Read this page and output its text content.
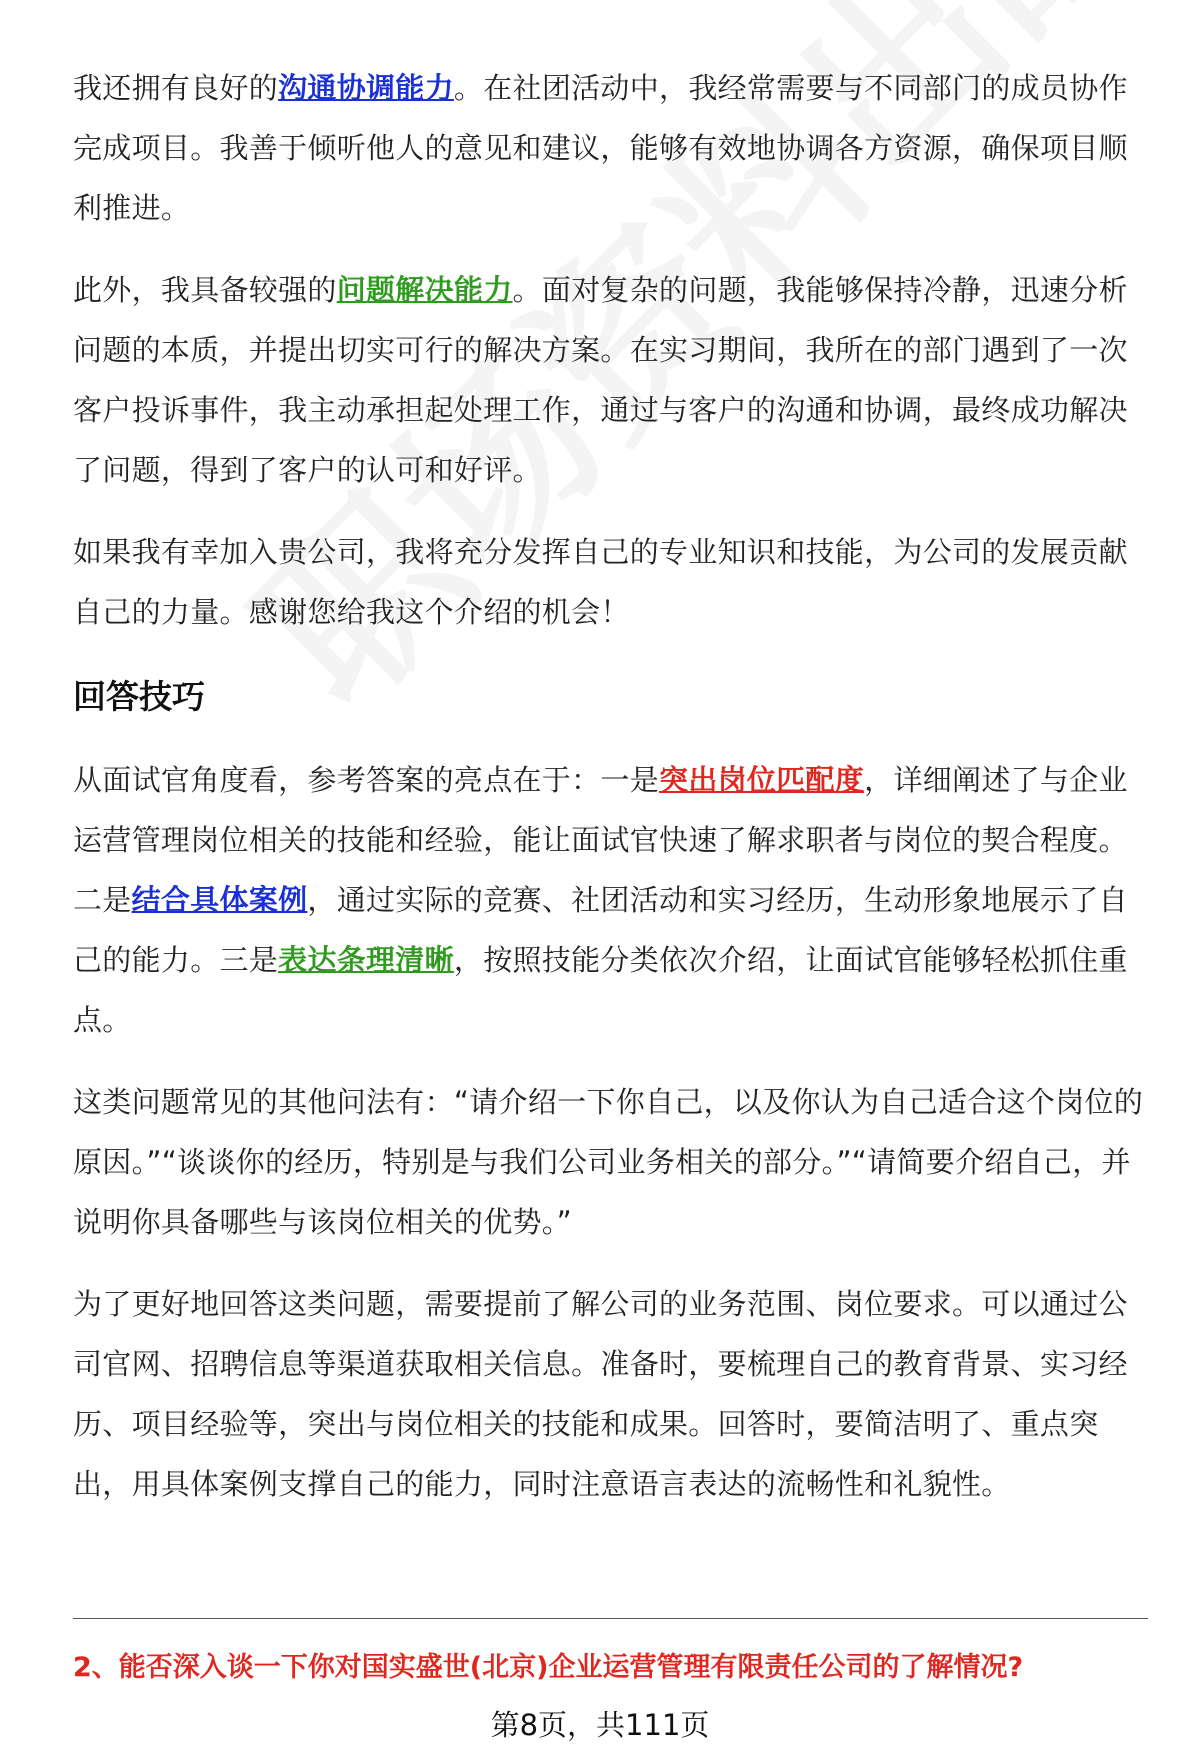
我还拥有良好的沟通协调能力。在社团活动中，我经常需要与不同部门的成员协作完成项目。我善于倾听他人的意见和建议，能够有效地协调各方资源，确保项目顺利推进。

此外，我具备较强的问题解决能力。面对复杂的问题，我能够保持冷静，迅速分析问题的本质，并提出切实可行的解决方案。在实习期间，我所在的部门遇到了一次客户投诉事件，我主动承担起处理工作，通过与客户的沟通和协调，最终成功解决了问题，得到了客户的认可和好评。

如果我有幸加入贵公司，我将充分发挥自己的专业知识和技能，为公司的发展贡献自己的力量。感谢您给我这个介绍的机会！

回答技巧

从面试官角度看，参考答案的亮点在于：一是突出岗位匹配度，详细阐述了与企业运营管理岗位相关的技能和经验，能让面试官快速了解求职者与岗位的契合程度。二是结合具体案例，通过实际的竞赛、社团活动和实习经历，生动形象地展示了自己的能力。三是表达条理清晰，按照技能分类依次介绍，让面试官能够轻松抓住重点。

这类问题常见的其他问法有：“请介绍一下你自己，以及你认为自己适合这个岗位的原因。”“谈谈你的经历，特别是与我们公司业务相关的部分。”“请简要介绍自己，并说明你具备哪些与该岗位相关的优势。”

为了更好地回答这类问题，需要提前了解公司的业务范围、岗位要求。可以通过公司官网、招聘信息等渠道获取相关信息。准备时，要梳理自己的教育背景、实习经历、项目经验等，突出与岗位相关的技能和成果。回答时，要简洁明了、重点突出，用具体案例支撑自己的能力，同时注意语言表达的流畅性和礼貌性。

2、能否深入谈一下你对国实盛世(北京)企业运营管理有限责任公司的了解情况?
第8页，共111页
